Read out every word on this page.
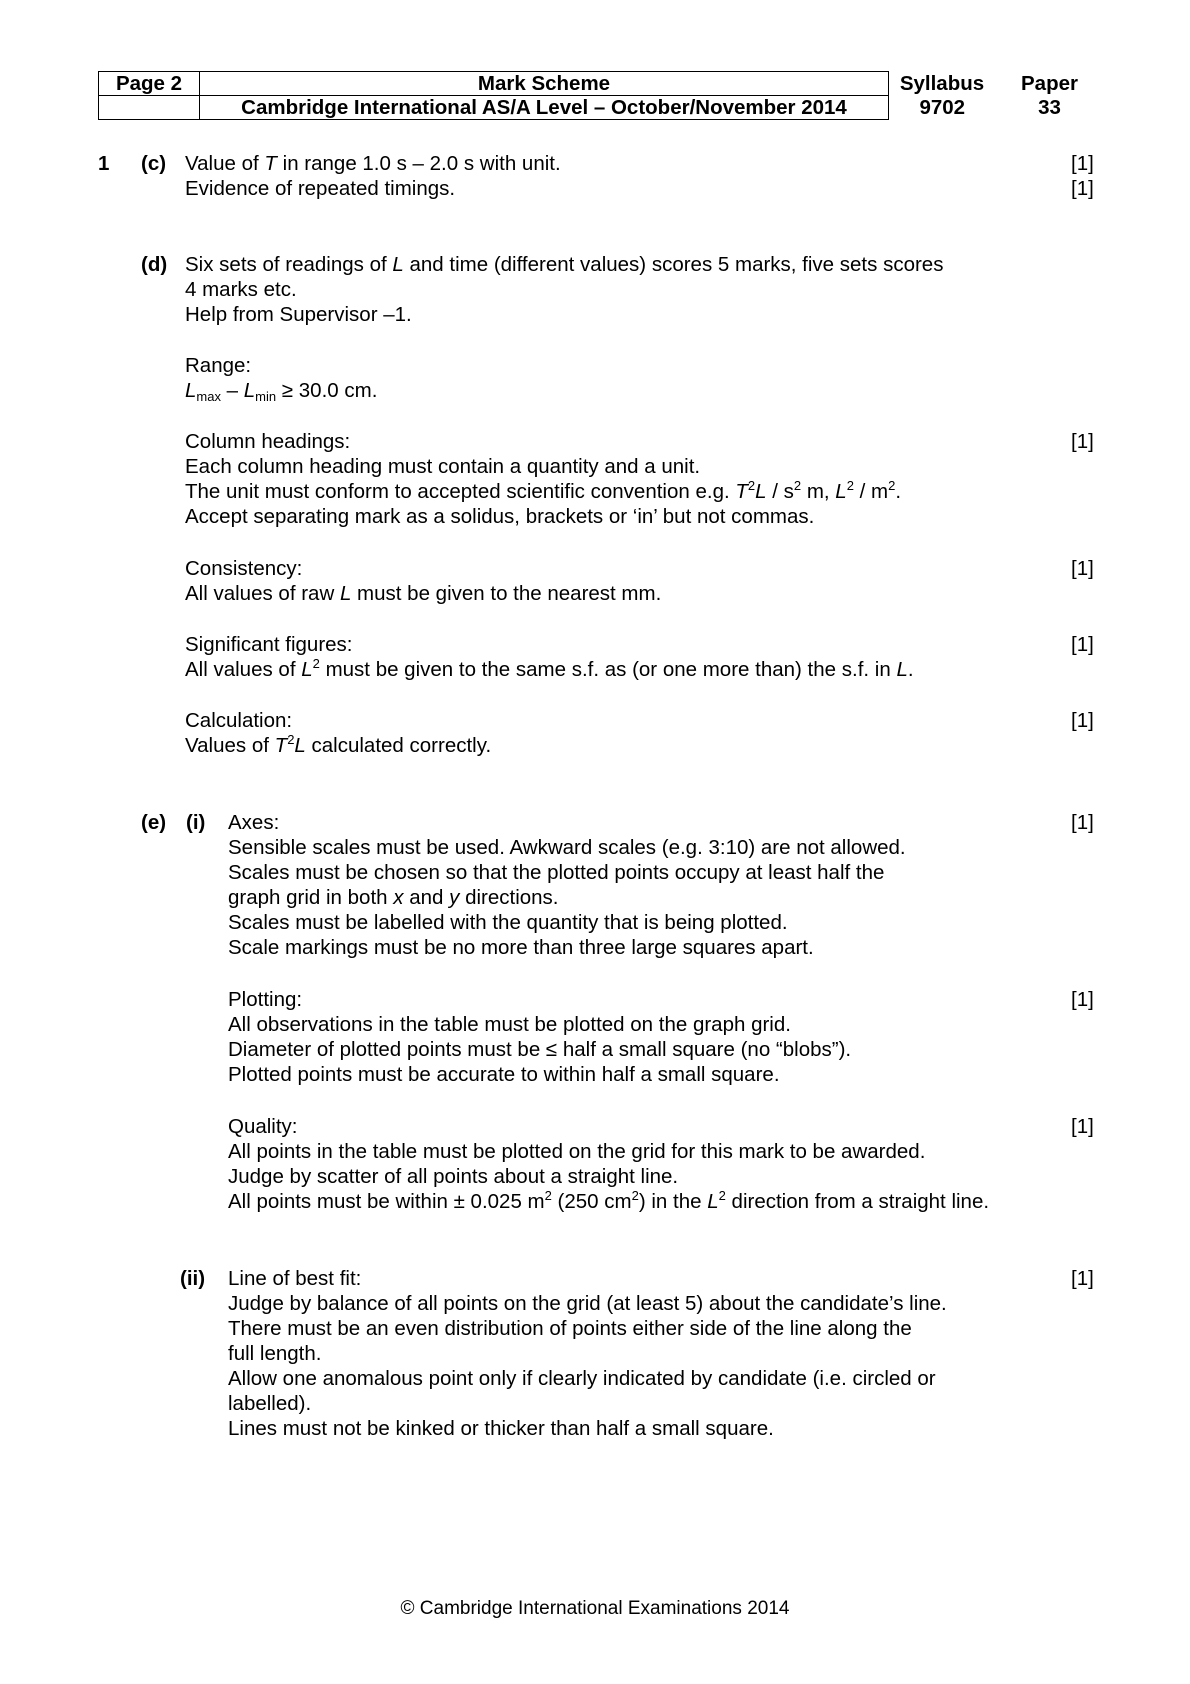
Page 2	Mark Scheme	Syllabus	Paper
	Cambridge International AS/A Level – October/November 2014	9702	33
1 (c) Value of T in range 1.0 s – 2.0 s with unit.	[1]
Evidence of repeated timings.	[1]
(d) Six sets of readings of L and time (different values) scores 5 marks, five sets scores
4 marks etc.
Help from Supervisor –1.
Range:
$L_{max} - L_{min} \ge 30.0$ cm.
Column headings:	[1]
Each column heading must contain a quantity and a unit.
The unit must conform to accepted scientific convention e.g. $T^2L / s^2$ m, $L^2 / m^2$.
Accept separating mark as a solidus, brackets or ‘in’ but not commas.
Consistency:	[1]
All values of raw L must be given to the nearest mm.
Significant figures:	[1]
All values of $L^2$ must be given to the same s.f. as (or one more than) the s.f. in L.
Calculation:	[1]
Values of $T^2L$ calculated correctly.
(e) (i) Axes:	[1]
Sensible scales must be used. Awkward scales (e.g. 3:10) are not allowed.
Scales must be chosen so that the plotted points occupy at least half the
graph grid in both x and y directions.
Scales must be labelled with the quantity that is being plotted.
Scale markings must be no more than three large squares apart.
Plotting:	[1]
All observations in the table must be plotted on the graph grid.
Diameter of plotted points must be ≤ half a small square (no “blobs”).
Plotted points must be accurate to within half a small square.
Quality:	[1]
All points in the table must be plotted on the grid for this mark to be awarded.
Judge by scatter of all points about a straight line.
All points must be within ± 0.025 $m^2$ (250 $cm^2$) in the $L^2$ direction from a straight line.
(ii) Line of best fit:	[1]
Judge by balance of all points on the grid (at least 5) about the candidate’s line.
There must be an even distribution of points either side of the line along the
full length.
Allow one anomalous point only if clearly indicated by candidate (i.e. circled or
labelled).
Lines must not be kinked or thicker than half a small square.
© Cambridge International Examinations 2014
